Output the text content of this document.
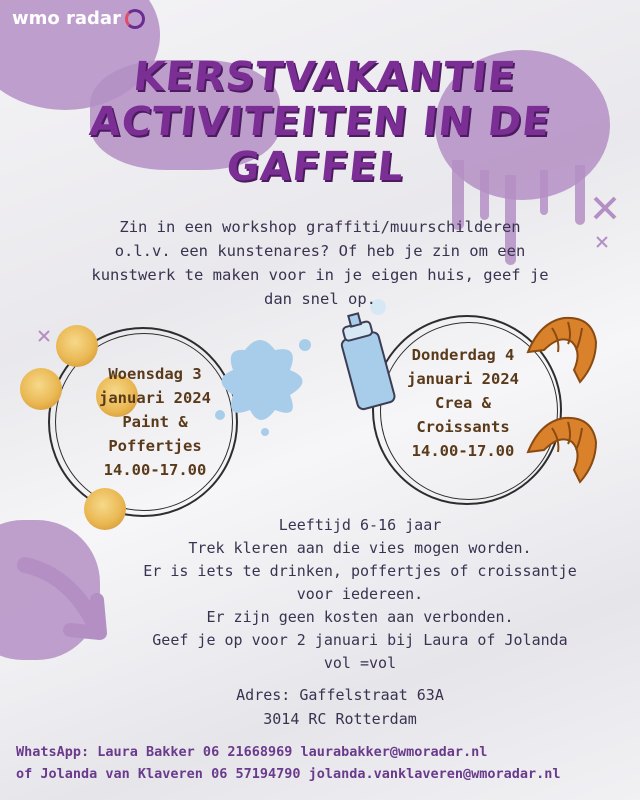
wmo radar
KERSTVAKANTIE
ACTIVITEITEN IN DE
GAFFEL
Zin in een workshop graffiti/muurschilderen
o.l.v. een kunstenares? Of heb je zin om een
kunstwerk te maken voor in je eigen huis, geef je
dan snel op.
Woensdag 3
januari 2024
Paint &
Poffertjes
14.00-17.00
Donderdag 4
januari 2024
Crea &
Croissants
14.00-17.00
Leeftijd 6-16 jaar
Trek kleren aan die vies mogen worden.
Er is iets te drinken, poffertjes of croissantje
voor iedereen.
Er zijn geen kosten aan verbonden.
Geef je op voor 2 januari bij Laura of Jolanda
vol =vol
Adres: Gaffelstraat 63A
3014 RC Rotterdam
WhatsApp: Laura Bakker 06 21668969 laurabakker@wmoradar.nl
of Jolanda van Klaveren 06 57194790 jolanda.vanklaveren@wmoradar.nl
